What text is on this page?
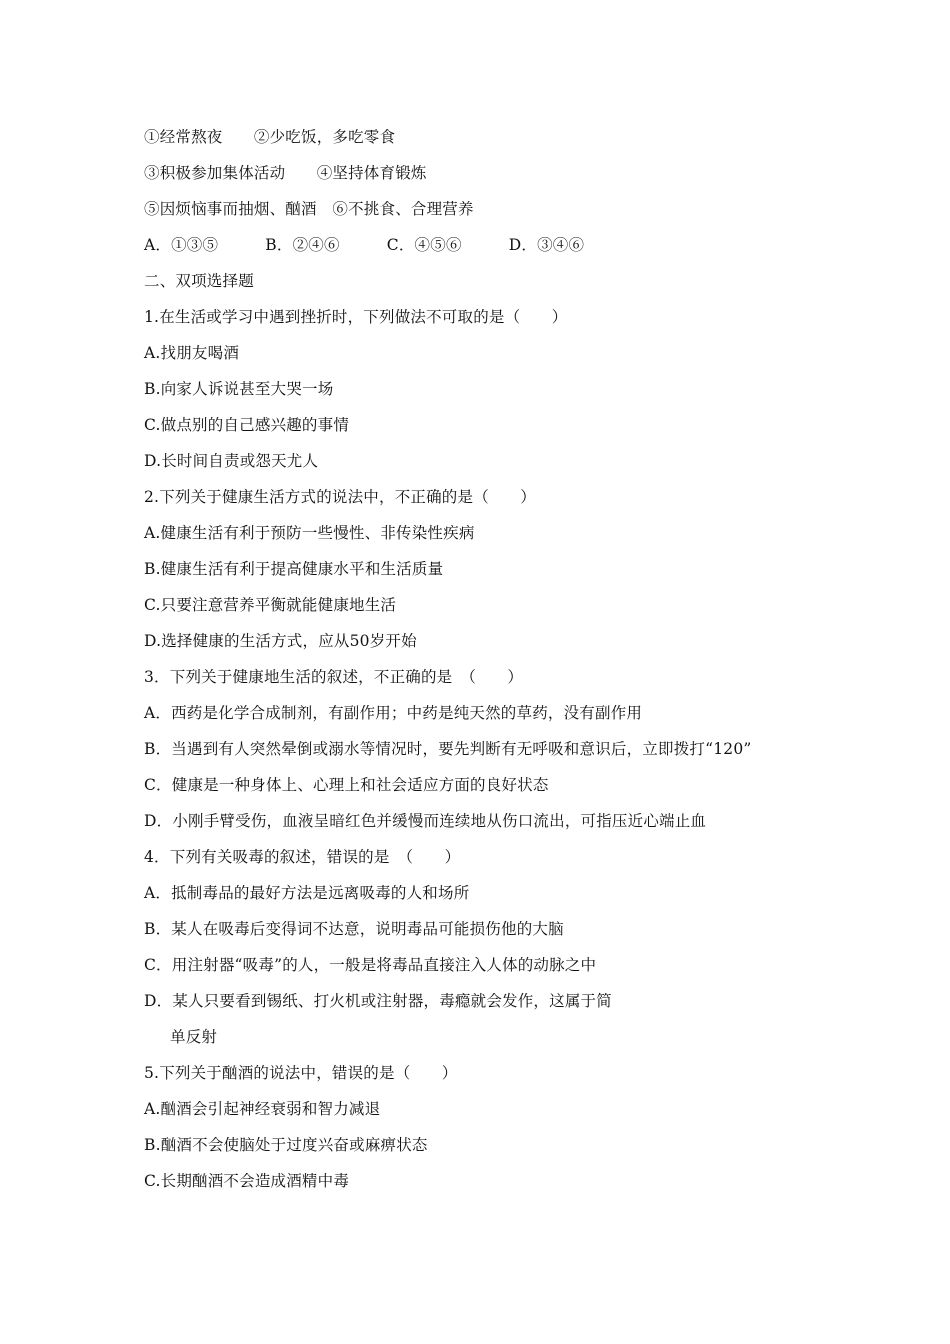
①经常熬夜　　②少吃饭，多吃零食
③积极参加集体活动　　④坚持体育锻炼
⑤因烦恼事而抽烟、酗酒　⑥不挑食、合理营养
A．①③⑤　　　B．②④⑥　　　C．④⑤⑥　　　D．③④⑥
二、双项选择题
1.在生活或学习中遇到挫折时，下列做法不可取的是（　　）
A.找朋友喝酒
B.向家人诉说甚至大哭一场
C.做点别的自己感兴趣的事情
D.长时间自责或怨天尤人
2.下列关于健康生活方式的说法中，不正确的是（　　）
A.健康生活有利于预防一些慢性、非传染性疾病
B.健康生活有利于提高健康水平和生活质量
C.只要注意营养平衡就能健康地生活
D.选择健康的生活方式，应从50岁开始
3．下列关于健康地生活的叙述，不正确的是　（　　）
A．西药是化学合成制剂，有副作用；中药是纯天然的草药，没有副作用
B．当遇到有人突然晕倒或溺水等情况时，要先判断有无呼吸和意识后，立即拨打“120”
C．健康是一种身体上、心理上和社会适应方面的良好状态
D．小刚手臂受伤，血液呈暗红色并缓慢而连续地从伤口流出，可指压近心端止血
4．下列有关吸毒的叙述，错误的是　（　　）
A．抵制毒品的最好方法是远离吸毒的人和场所
B．某人在吸毒后变得词不达意，说明毒品可能损伤他的大脑
C．用注射器“吸毒”的人，一般是将毒品直接注入人体的动脉之中
D．某人只要看到锡纸、打火机或注射器，毒瘾就会发作，这属于简
单反射
5.下列关于酗酒的说法中，错误的是（　　）
A.酗酒会引起神经衰弱和智力减退
B.酗酒不会使脑处于过度兴奋或麻痹状态
C.长期酗酒不会造成酒精中毒
